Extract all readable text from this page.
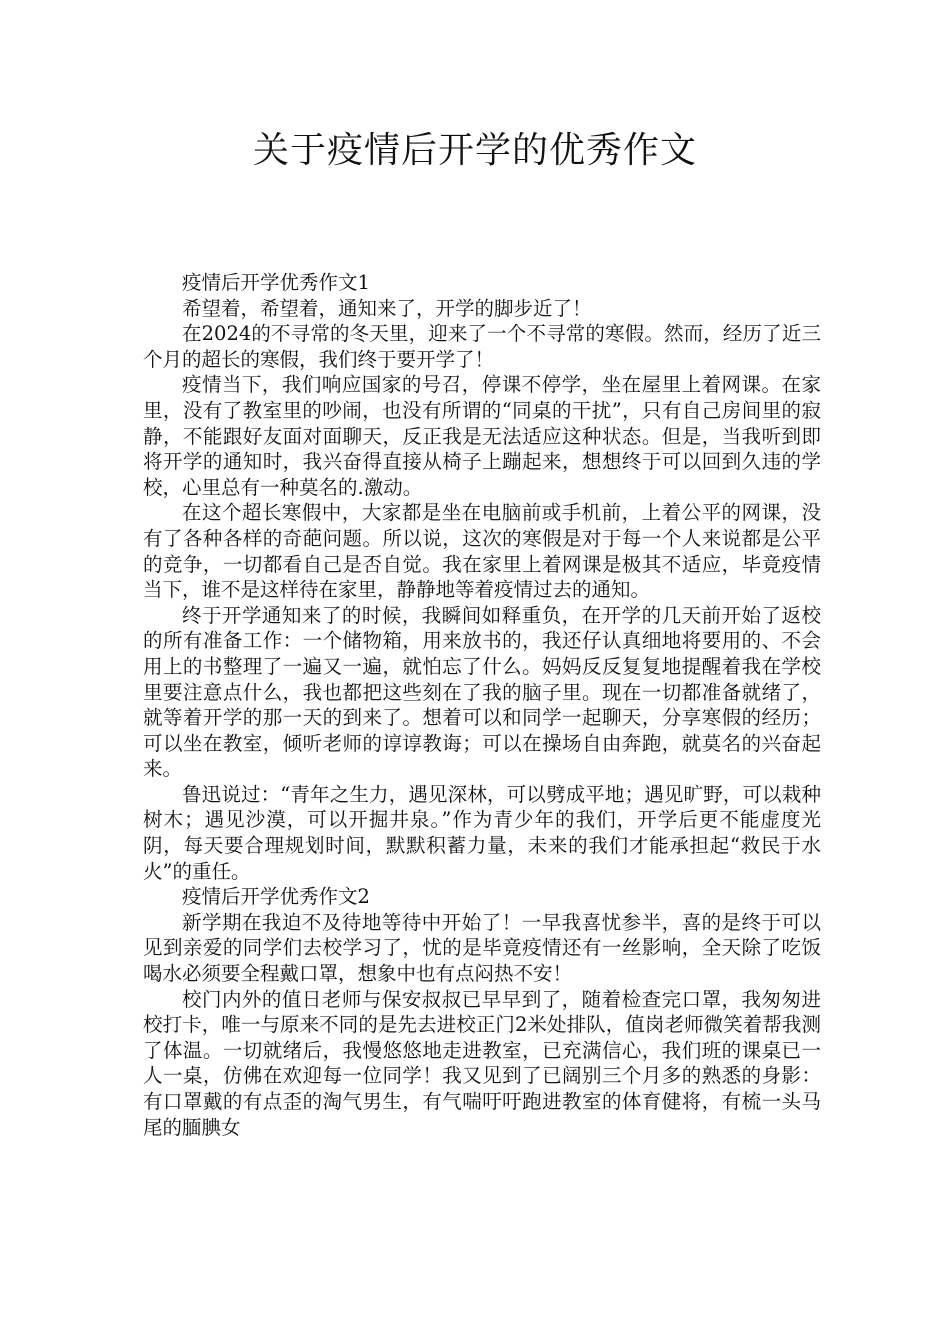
关于疫情后开学的优秀作文

疫情后开学优秀作文1

希望着，希望着，通知来了，开学的脚步近了！

在2024的不寻常的冬天里，迎来了一个不寻常的寒假。然而，经历了近三个月的超长的寒假，我们终于要开学了！

疫情当下，我们响应国家的号召，停课不停学，坐在屋里上着网课。在家里，没有了教室里的吵闹，也没有所谓的“同桌的干扰”，只有自己房间里的寂静，不能跟好友面对面聊天，反正我是无法适应这种状态。但是，当我听到即将开学的通知时，我兴奋得直接从椅子上蹦起来，想想终于可以回到久违的学校，心里总有一种莫名的.激动。

在这个超长寒假中，大家都是坐在电脑前或手机前，上着公平的网课，没有了各种各样的奇葩问题。所以说，这次的寒假是对于每一个人来说都是公平的竞争，一切都看自己是否自觉。我在家里上着网课是极其不适应，毕竟疫情当下，谁不是这样待在家里，静静地等着疫情过去的通知。

终于开学通知来了的时候，我瞬间如释重负，在开学的几天前开始了返校的所有准备工作：一个储物箱，用来放书的，我还仔认真细地将要用的、不会用上的书整理了一遍又一遍，就怕忘了什么。妈妈反反复复地提醒着我在学校里要注意点什么，我也都把这些刻在了我的脑子里。现在一切都准备就绪了，就等着开学的那一天的到来了。想着可以和同学一起聊天，分享寒假的经历；可以坐在教室，倾听老师的谆谆教诲；可以在操场自由奔跑，就莫名的兴奋起来。

鲁迅说过：“青年之生力，遇见深林，可以劈成平地；遇见旷野，可以栽种树木；遇见沙漠，可以开掘井泉。”作为青少年的我们，开学后更不能虚度光阴，每天要合理规划时间，默默积蓄力量，未来的我们才能承担起“救民于水火”的重任。

疫情后开学优秀作文2

新学期在我迫不及待地等待中开始了！一早我喜忧参半，喜的是终于可以见到亲爱的同学们去校学习了，忧的是毕竟疫情还有一丝影响，全天除了吃饭喝水必须要全程戴口罩，想象中也有点闷热不安！

校门内外的值日老师与保安叔叔已早早到了，随着检查完口罩，我匆匆进校打卡，唯一与原来不同的是先去进校正门2米处排队，值岗老师微笑着帮我测了体温。一切就绪后，我慢悠悠地走进教室，已充满信心，我们班的课桌已一人一桌，仿佛在欢迎每一位同学！我又见到了已阔别三个月多的熟悉的身影：有口罩戴的有点歪的淘气男生，有气喘吁吁跑进教室的体育健将，有梳一头马尾的腼腆女
